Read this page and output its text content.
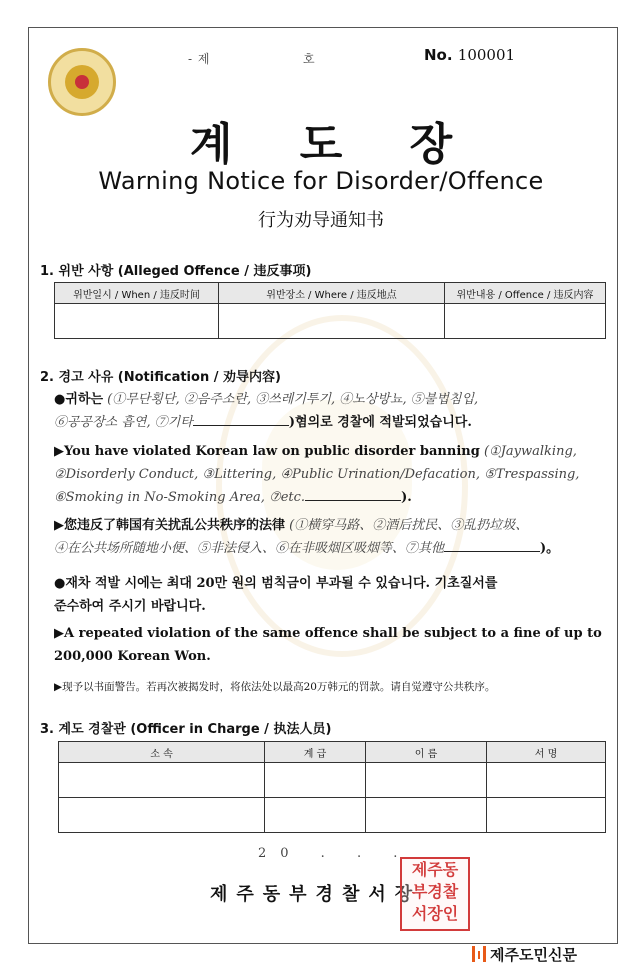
- 제	호	No. 100001
계 도 장
Warning Notice for Disorder/Offence
行为劝导通知书
1. 위반 사항 (Alleged Offence / 违反事项)
위반일시 / When / 违反时间	위반장소 / Where / 违反地点	위반내용 / Offence / 违反内容

2. 경고 사유 (Notification / 劝导内容)
●귀하는 (①무단횡단, ②음주소란, ③쓰레기투기, ④노상방뇨, ⑤불법침입,
⑥공공장소 흡연, ⑦기타	)혐의로 경찰에 적발되었습니다.
▶You have violated Korean law on public disorder banning (①Jaywalking,
②Disorderly Conduct, ③Littering, ④Public Urination/Defacation, ⑤Trespassing,
⑥Smoking in No-Smoking Area, ⑦etc.	).
▶您违反了韩国有关扰乱公共秩序的法律 (①横穿马路、②酒后扰民、③乱扔垃圾、
④在公共场所随地小便、⑤非法侵入、⑥在非吸烟区吸烟等、⑦其他	)。
●재차 적발 시에는 최대 20만 원의 범칙금이 부과될 수 있습니다. 기초질서를
준수하여 주시기 바랍니다.
▶A repeated violation of the same offence shall be subject to a fine of up to
200,000 Korean Won.
▶现予以书面警告。若再次被揭发时，将依法处以最高20万韩元的罚款。请自觉遵守公共秩序。
3. 계도 경찰관 (Officer in Charge / 执法人员)
소 속	계 급	이 름	서 명

20 . . .
제주동부경찰서장
제주동
부경찰
서장인
제주도민신문
